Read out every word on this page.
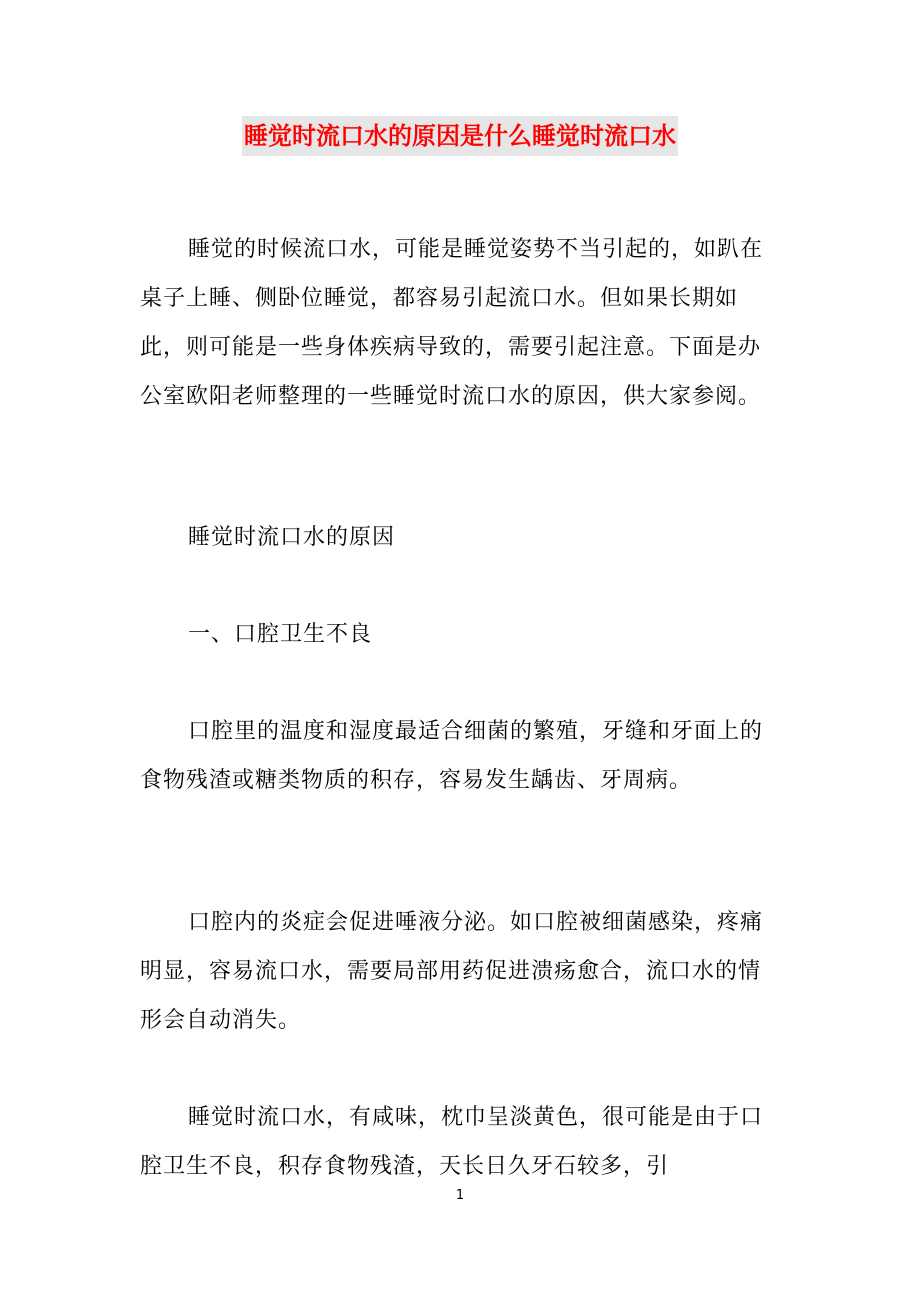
睡觉时流口水的原因是什么睡觉时流口水

睡觉的时候流口水，可能是睡觉姿势不当引起的，如趴在桌子上睡、侧卧位睡觉，都容易引起流口水。但如果长期如此，则可能是一些身体疾病导致的，需要引起注意。下面是办公室欧阳老师整理的一些睡觉时流口水的原因，供大家参阅。

睡觉时流口水的原因

一、口腔卫生不良

口腔里的温度和湿度最适合细菌的繁殖，牙缝和牙面上的食物残渣或糖类物质的积存，容易发生龋齿、牙周病。

口腔内的炎症会促进唾液分泌。如口腔被细菌感染，疼痛明显，容易流口水，需要局部用药促进溃疡愈合，流口水的情形会自动消失。

睡觉时流口水，有咸味，枕巾呈淡黄色，很可能是由于口腔卫生不良，积存食物残渣，天长日久牙石较多，引

1
